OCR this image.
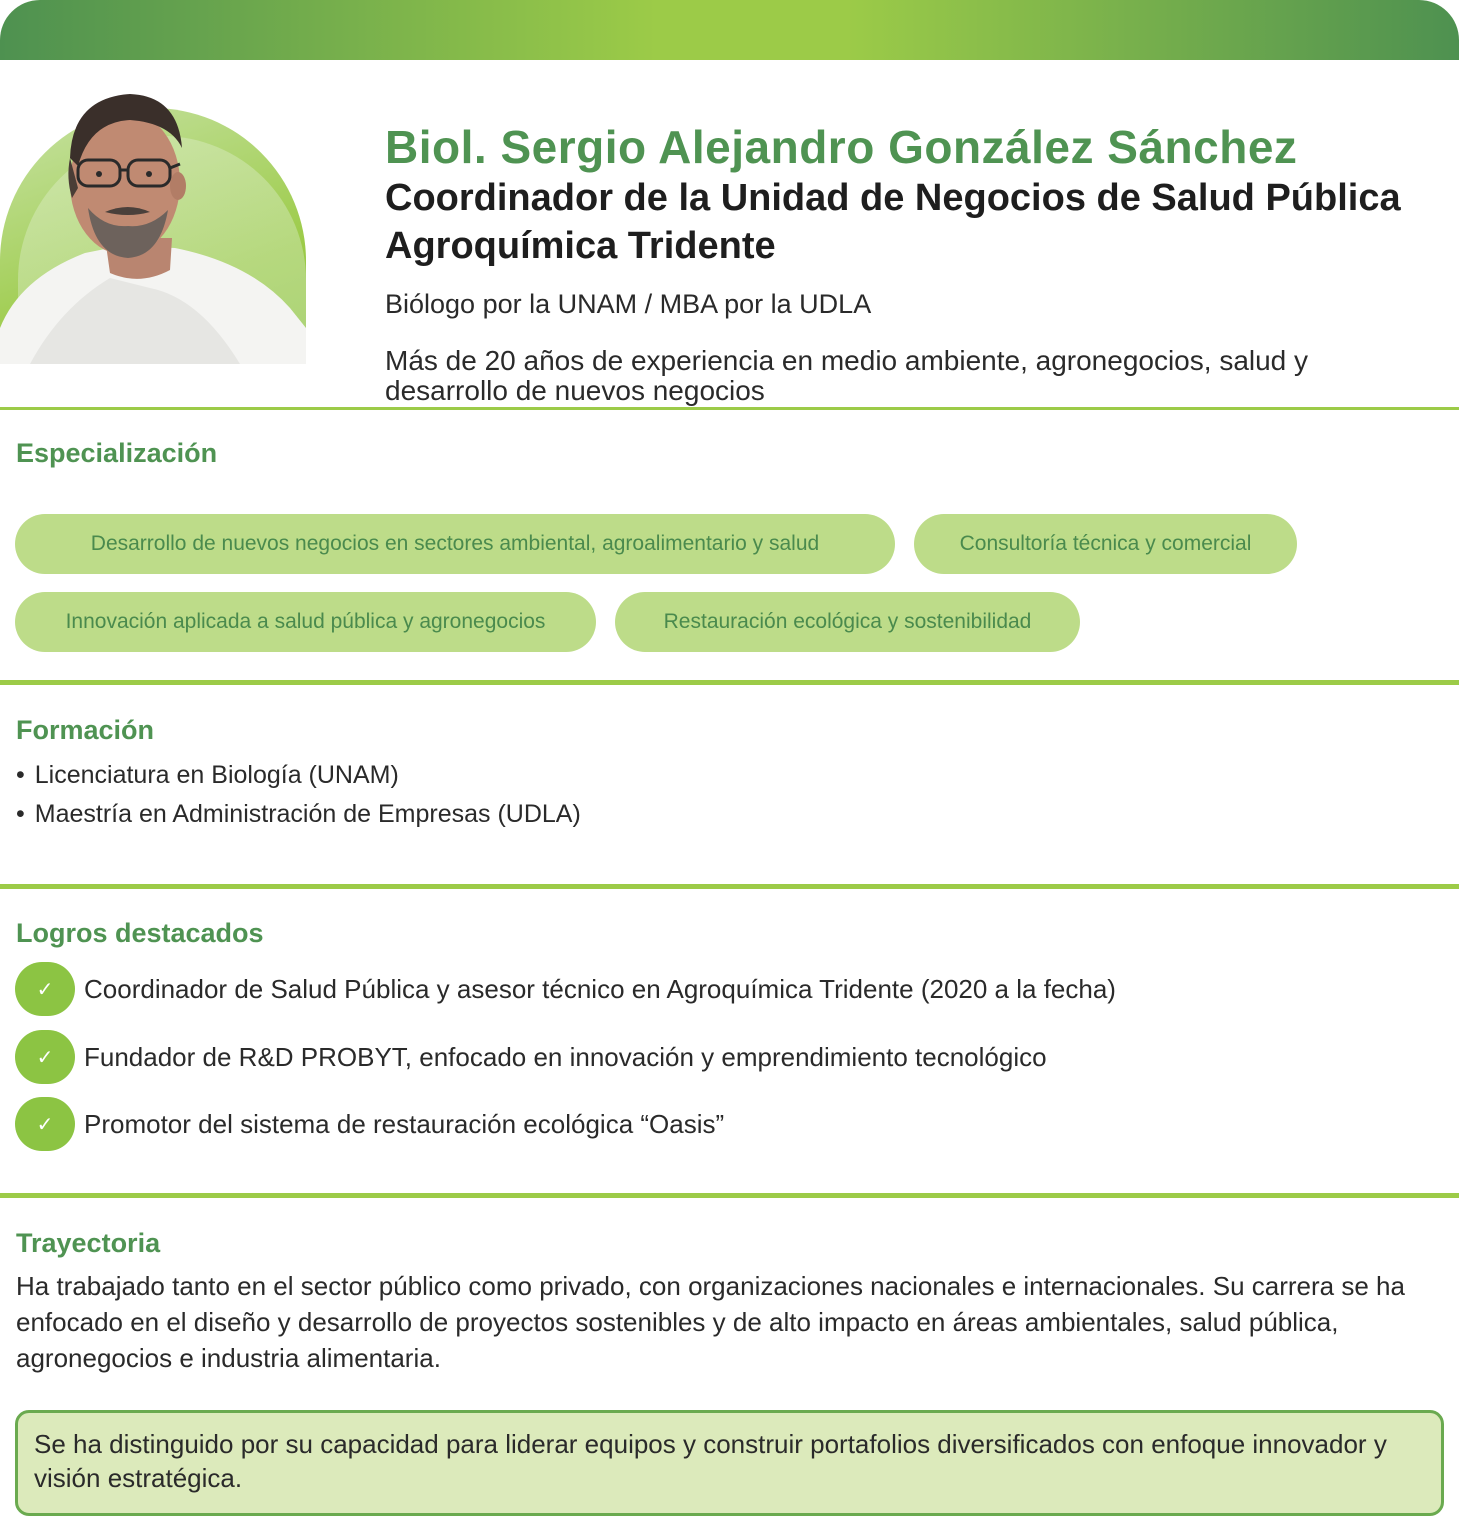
Biol. Sergio Alejandro González Sánchez
Coordinador de la Unidad de Negocios de Salud Pública
Agroquímica Tridente
Biólogo por la UNAM / MBA por la UDLA
Más de 20 años de experiencia en medio ambiente, agronegocios, salud y desarrollo de nuevos negocios
Especialización
Desarrollo de nuevos negocios en sectores ambiental, agroalimentario y salud	Consultoría técnica y comercial
Innovación aplicada a salud pública y agronegocios	Restauración ecológica y sostenibilidad
Formación
• Licenciatura en Biología (UNAM)
• Maestría en Administración de Empresas (UDLA)
Logros destacados
✓	Coordinador de Salud Pública y asesor técnico en Agroquímica Tridente (2020 a la fecha)
✓	Fundador de R&D PROBYT, enfocado en innovación y emprendimiento tecnológico
✓	Promotor del sistema de restauración ecológica “Oasis”
Trayectoria

Ha trabajado tanto en el sector público como privado, con organizaciones nacionales e internacionales. Su carrera se ha enfocado en el diseño y desarrollo de proyectos sostenibles y de alto impacto en áreas ambientales, salud pública, agronegocios e industria alimentaria.

Se ha distinguido por su capacidad para liderar equipos y construir portafolios diversificados con enfoque innovador y visión estratégica.
